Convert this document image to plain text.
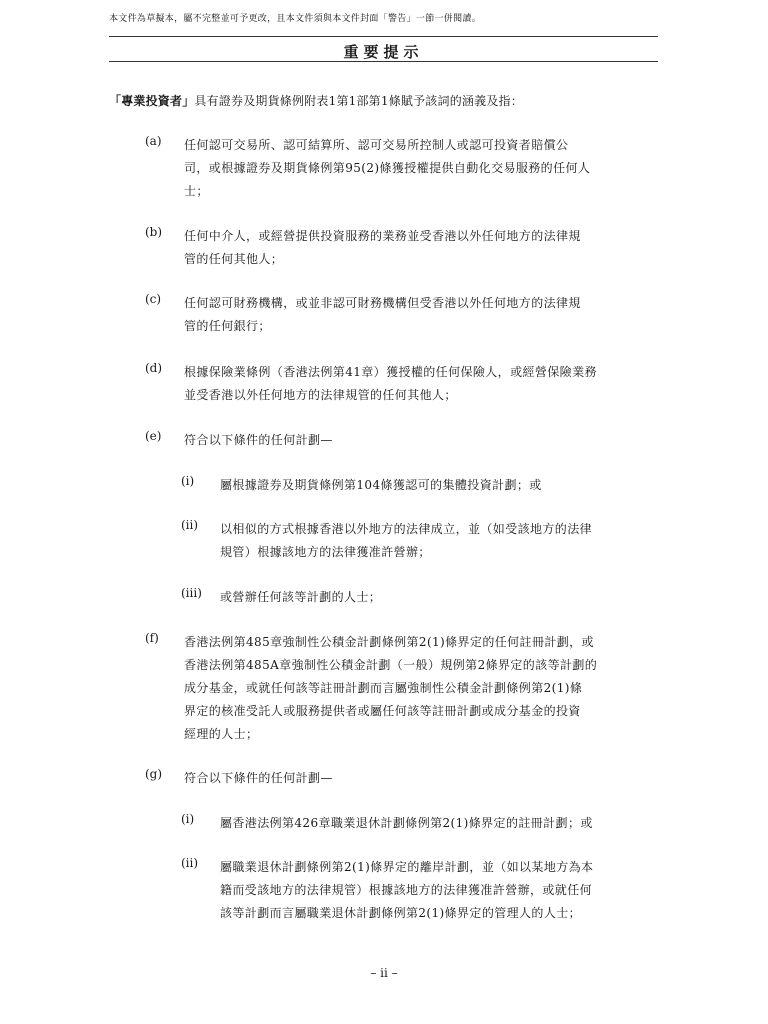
本文件為草擬本，屬不完整並可予更改，且本文件須與本文件封面「警告」一節一併閱讀。
重要提示
「專業投資者」具有證券及期貨條例附表1第1部第1條賦予該詞的涵義及指：
(a) 任何認可交易所、認可結算所、認可交易所控制人或認可投資者賠償公
司，或根據證券及期貨條例第95(2)條獲授權提供自動化交易服務的任何人
士；
(b) 任何中介人，或經營提供投資服務的業務並受香港以外任何地方的法律規
管的任何其他人；
(c) 任何認可財務機構，或並非認可財務機構但受香港以外任何地方的法律規
管的任何銀行；
(d) 根據保險業條例（香港法例第41章）獲授權的任何保險人，或經營保險業務
並受香港以外任何地方的法律規管的任何其他人；
(e) 符合以下條件的任何計劃—
(i) 屬根據證券及期貨條例第104條獲認可的集體投資計劃；或
(ii) 以相似的方式根據香港以外地方的法律成立，並（如受該地方的法律
規管）根據該地方的法律獲准許營辦；
(iii) 或營辦任何該等計劃的人士；
(f) 香港法例第485章強制性公積金計劃條例第2(1)條界定的任何註冊計劃，或
香港法例第485A章強制性公積金計劃（一般）規例第2條界定的該等計劃的
成分基金，或就任何該等註冊計劃而言屬強制性公積金計劃條例第2(1)條
界定的核准受託人或服務提供者或屬任何該等註冊計劃或成分基金的投資
經理的人士；
(g) 符合以下條件的任何計劃—
(i) 屬香港法例第426章職業退休計劃條例第2(1)條界定的註冊計劃；或
(ii) 屬職業退休計劃條例第2(1)條界定的離岸計劃，並（如以某地方為本
籍而受該地方的法律規管）根據該地方的法律獲准許營辦，或就任何
該等計劃而言屬職業退休計劃條例第2(1)條界定的管理人的人士；
– ii –
